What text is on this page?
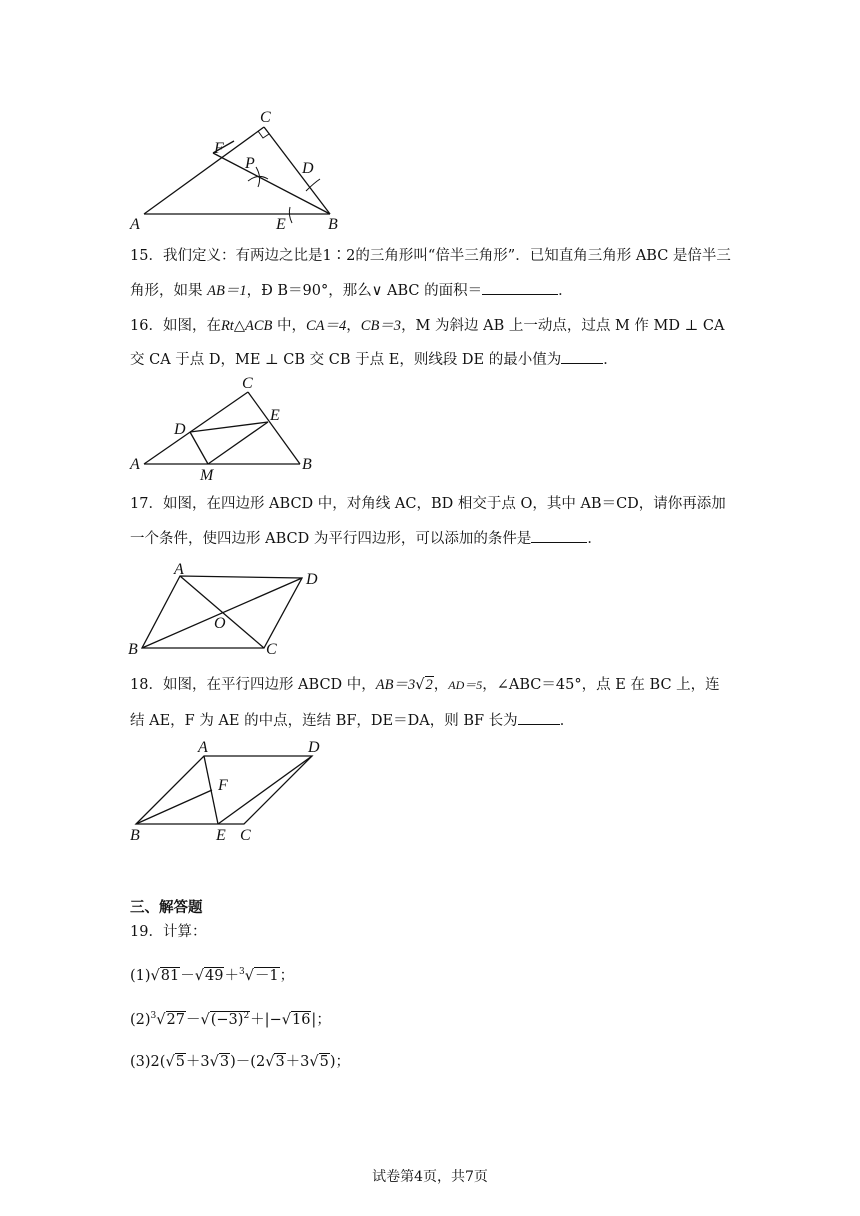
C
F
P	D
A	E	B
15．我们定义：有两边之比是1∶2的三角形叫“倍半三角形”．已知直角三角形 ABC 是倍半三
角形，如果 AB＝1，Ð B＝90°，那么∨ ABC 的面积＝	．
16．如图，在Rt△ACB 中，CA＝4，CB＝3，M 为斜边 AB 上一动点，过点 M 作 MD ⊥ CA
交 CA 于点 D，ME ⊥ CB 交 CB 于点 E，则线段 DE 的最小值为	．
C
D
E
A
M
B
17．如图，在四边形 ABCD 中，对角线 AC，BD 相交于点 O，其中 AB＝CD，请你再添加
一个条件，使四边形 ABCD 为平行四边形，可以添加的条件是	．
A
D
O
B	C
18．如图，在平行四边形 ABCD 中，AB＝3√2，AD＝5，∠ABC＝45°，点 E 在 BC 上，连
结 AE，F 为 AE 的中点，连结 BF，DE＝DA，则 BF 长为	．
A	D
F
B	E C
三、解答题
19．计算：
(1)√81－√49＋$^3$√－1；
$(2)^3√27-√(-3)^2+|-√16|$；
(3)2(√5＋3√3)－(2√3＋3√5)；
试卷第4页，共7页
